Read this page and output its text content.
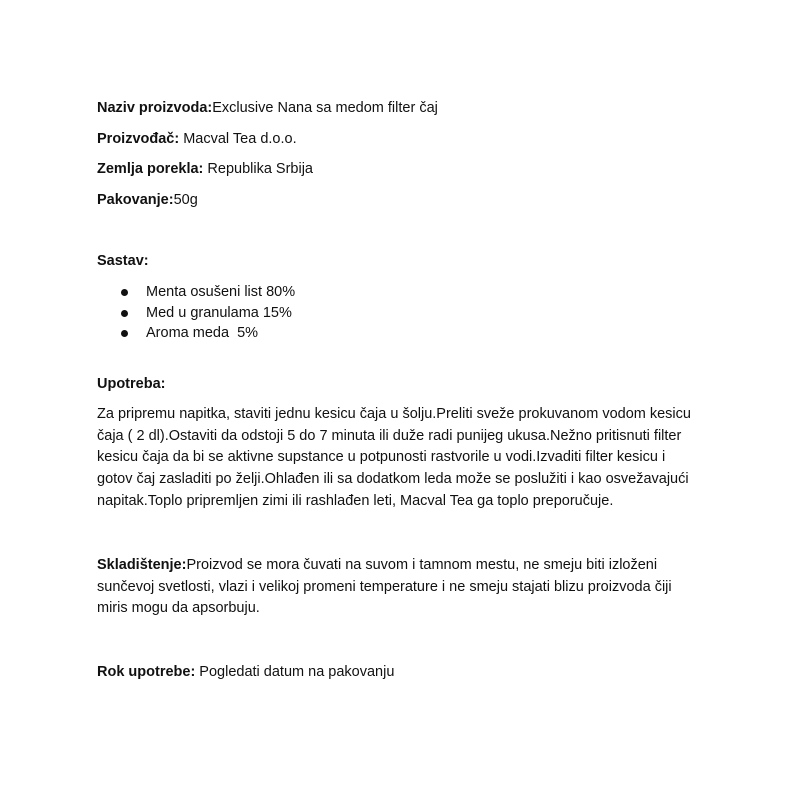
Naziv proizvoda:Exclusive Nana sa medom filter čaj
Proizvođač: Macval Tea d.o.o.
Zemlja porekla: Republika Srbija
Pakovanje:50g
Sastav:
Menta osušeni list 80%
Med u granulama 15%
Aroma meda  5%
Upotreba:
Za pripremu napitka, staviti jednu kesicu čaja u šolju.Preliti sveže prokuvanom vodom kesicu
čaja ( 2 dl).Ostaviti da odstoji 5 do 7 minuta ili duže radi punijeg ukusa.Nežno pritisnuti filter
kesicu čaja da bi se aktivne supstance u potpunosti rastvorile u vodi.Izvaditi filter kesicu i
gotov čaj zasladiti po želji.Ohlađen ili sa dodatkom leda može se poslužiti i kao osvežavajući
napitak.Toplo pripremljen zimi ili rashlađen leti, Macval Tea ga toplo preporučuje.
Skladištenje:Proizvod se mora čuvati na suvom i tamnom mestu, ne smeju biti izloženi
sunčevoj svetlosti, vlazi i velikoj promeni temperature i ne smeju stajati blizu proizvoda čiji
miris mogu da apsorbuju.
Rok upotrebe: Pogledati datum na pakovanju
